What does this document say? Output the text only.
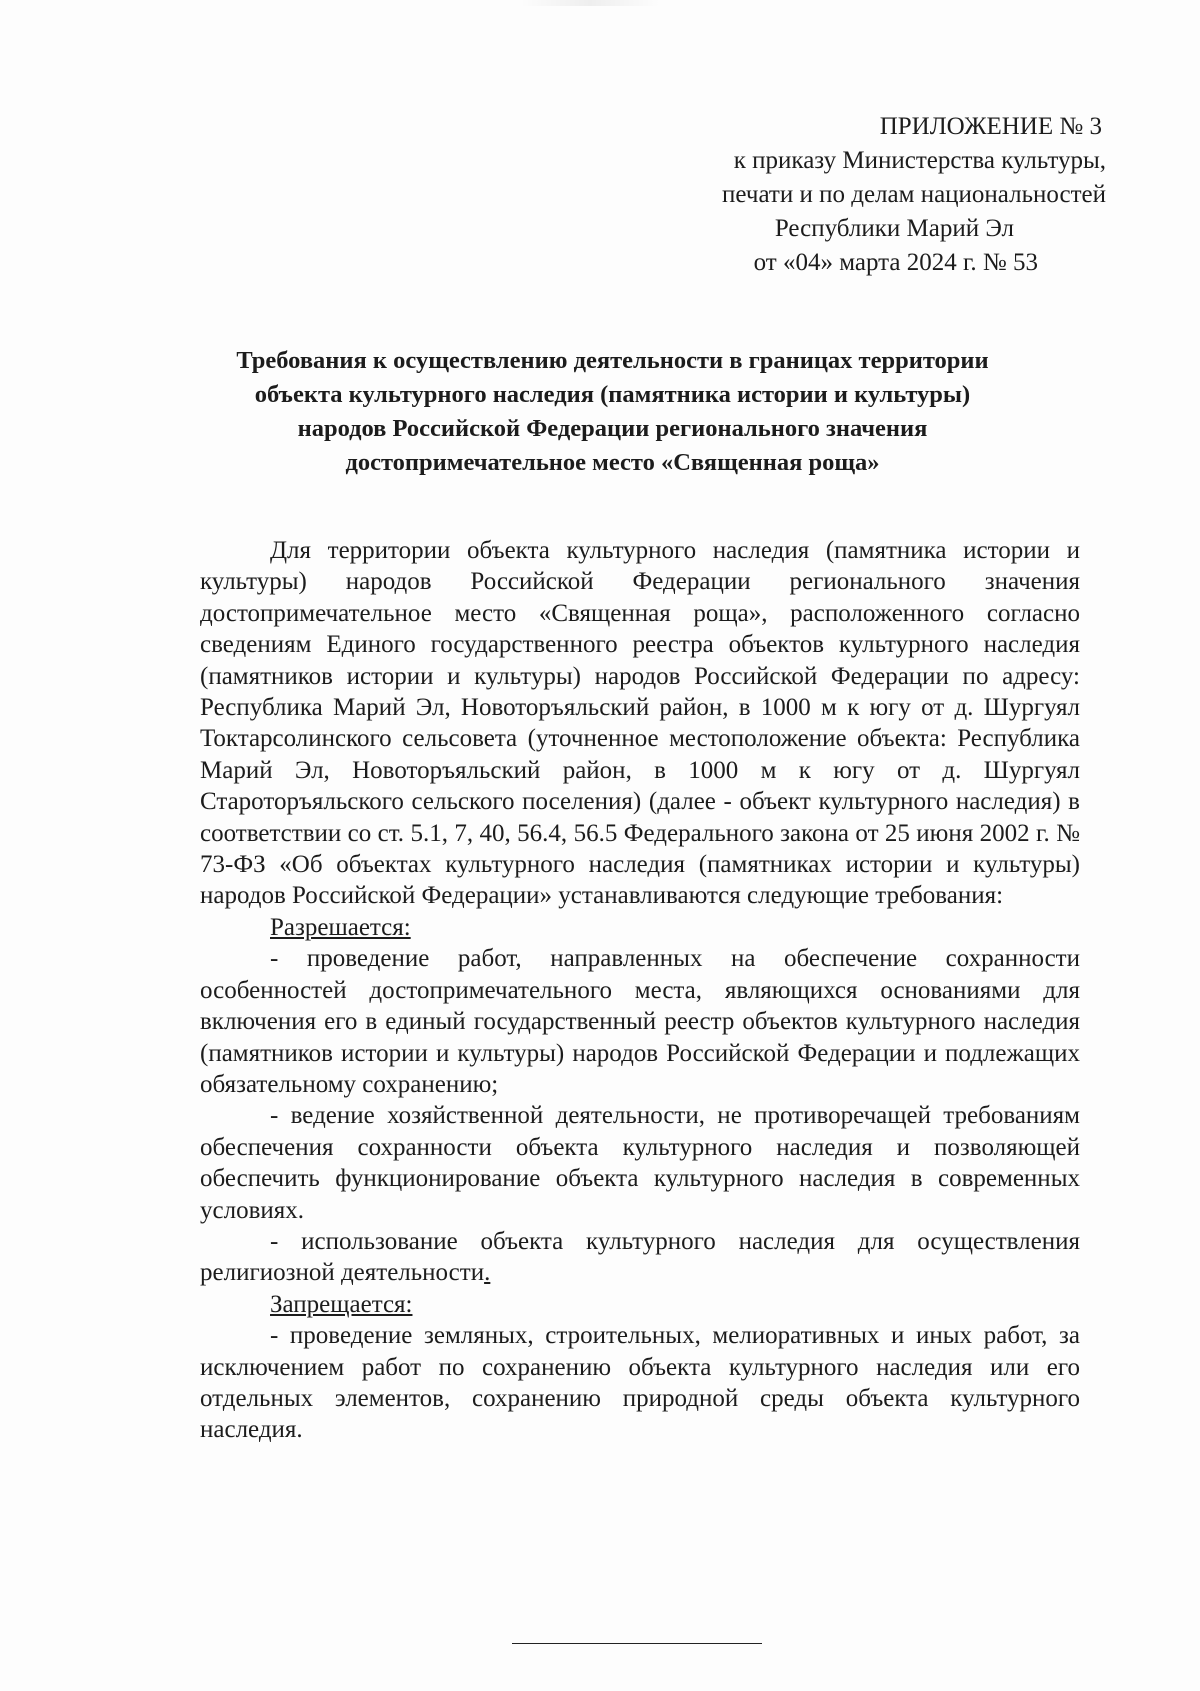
ПРИЛОЖЕНИЕ № 3
к приказу Министерства культуры,
печати и по делам национальностей
Республики Марий Эл
от «04» марта 2024 г. № 53
Требования к осуществлению деятельности в границах территории
объекта культурного наследия (памятника истории и культуры)
народов Российской Федерации регионального значения
достопримечательное место «Священная роща»

Для территории объекта культурного наследия (памятника истории и культуры) народов Российской Федерации регионального значения достопримечательное место «Священная роща», расположенного согласно сведениям Единого государственного реестра объектов культурного наследия (памятников истории и культуры) народов Российской Федерации по адресу: Республика Марий Эл, Новоторъяльский район, в 1000 м к югу от д. Шургуял Токтарсолинского сельсовета (уточненное местоположение объекта: Республика Марий Эл, Новоторъяльский район, в 1000 м к югу от д. Шургуял Староторъяльского сельского поселения) (далее - объект культурного наследия) в соответствии со ст. 5.1, 7, 40, 56.4, 56.5 Федерального закона от 25 июня 2002 г. № 73-ФЗ «Об объектах культурного наследия (памятниках истории и культуры) народов Российской Федерации» устанавливаются следующие требования:

Разрешается:

- проведение работ, направленных на обеспечение сохранности особенностей достопримечательного места, являющихся основаниями для включения его в единый государственный реестр объектов культурного наследия (памятников истории и культуры) народов Российской Федерации и подлежащих обязательному сохранению;

- ведение хозяйственной деятельности, не противоречащей требованиям обеспечения сохранности объекта культурного наследия и позволяющей обеспечить функционирование объекта культурного наследия в современных условиях.

- использование объекта культурного наследия для осуществления религиозной деятельности.

Запрещается:

- проведение земляных, строительных, мелиоративных и иных работ, за исключением работ по сохранению объекта культурного наследия или его отдельных элементов, сохранению природной среды объекта культурного наследия.
